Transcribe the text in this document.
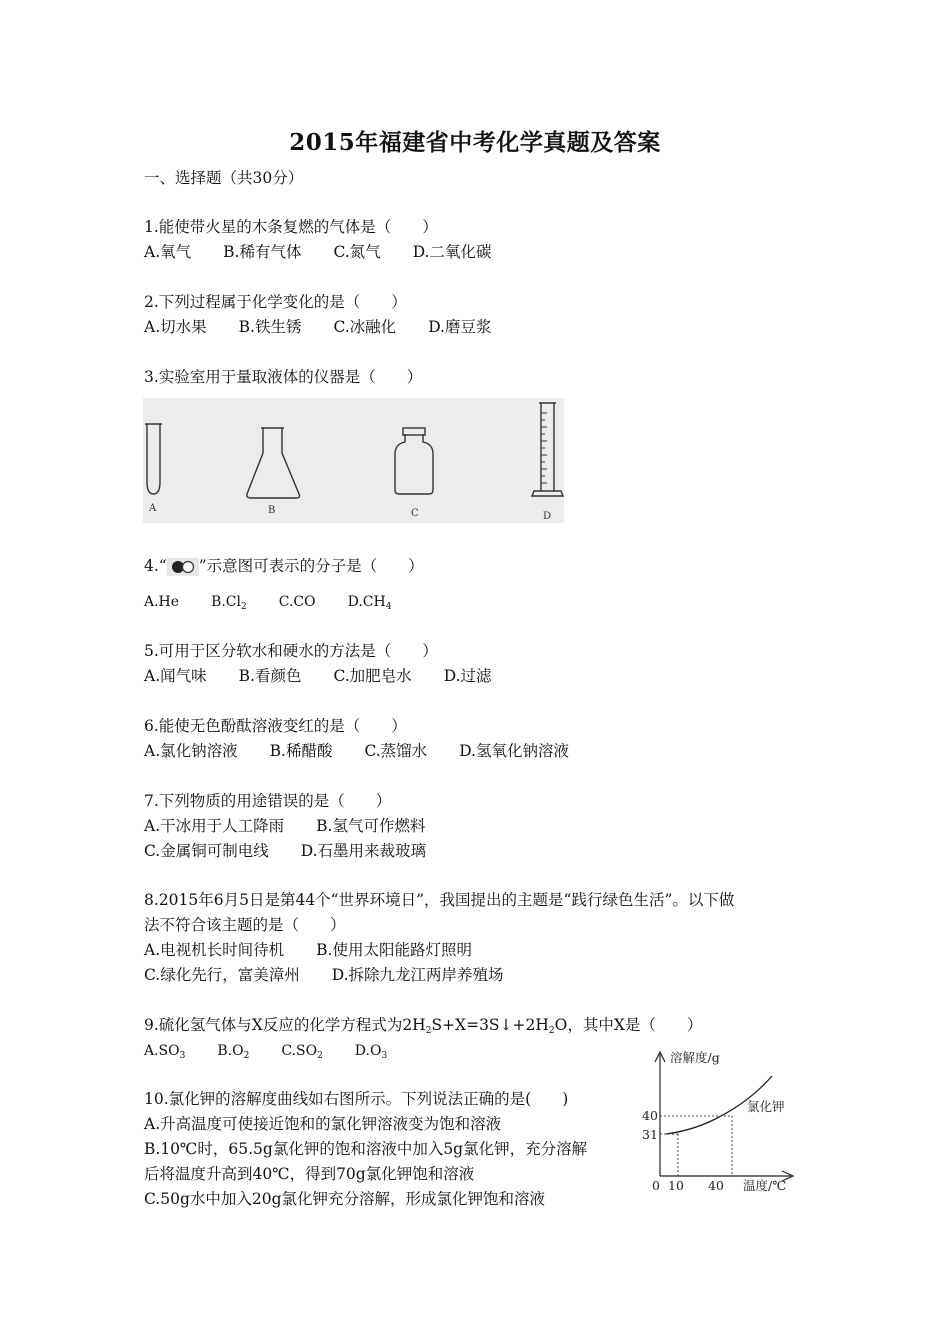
2015年福建省中考化学真题及答案
一、选择题（共30分）
1.能使带火星的木条复燃的气体是（　　）
A.氧气 B.稀有气体 C.氮气 D.二氧化碳
2.下列过程属于化学变化的是（　　）
A.切水果 B.铁生锈 C.冰融化 D.磨豆浆
3.实验室用于量取液体的仪器是（　　）
A	B	C	D
4.“ ”示意图可表示的分子是（　　）
A.He $B.Cl_2$ C.CO $D.CH_4$
5.可用于区分软水和硬水的方法是（　　）
A.闻气味 B.看颜色 C.加肥皂水 D.过滤
6.能使无色酚酞溶液变红的是（　　）
A.氯化钠溶液 B.稀醋酸 C.蒸馏水 D.氢氧化钠溶液
7.下列物质的用途错误的是（　　）
A.干冰用于人工降雨 B.氢气可作燃料
C.金属铜可制电线 D.石墨用来裁玻璃
8.2015年6月5日是第44个“世界环境日”，我国提出的主题是“践行绿色生活”。以下做
法不符合该主题的是（　　）
A.电视机长时间待机 B.使用太阳能路灯照明
C.绿化先行，富美漳州 D.拆除九龙江两岸养殖场
9.硫化氢气体与X反应的化学方程式为$2H_2S+X=3S↓+2H_2O$，其中X是（　　）
$A.SO_3$ $B.O_2$ $C.SO_2$ $D.O_3$
10.氯化钾的溶解度曲线如右图所示。下列说法正确的是(　　)
A.升高温度可使接近饱和的氯化钾溶液变为饱和溶液
B.10℃时，65.5g氯化钾的饱和溶液中加入5g氯化钾，充分溶解
后将温度升高到40℃，得到70g氯化钾饱和溶液
C.50g水中加入20g氯化钾充分溶解，形成氯化钾饱和溶液
溶解度/g
温度/℃
氯化钾
40
31
0 10 40
